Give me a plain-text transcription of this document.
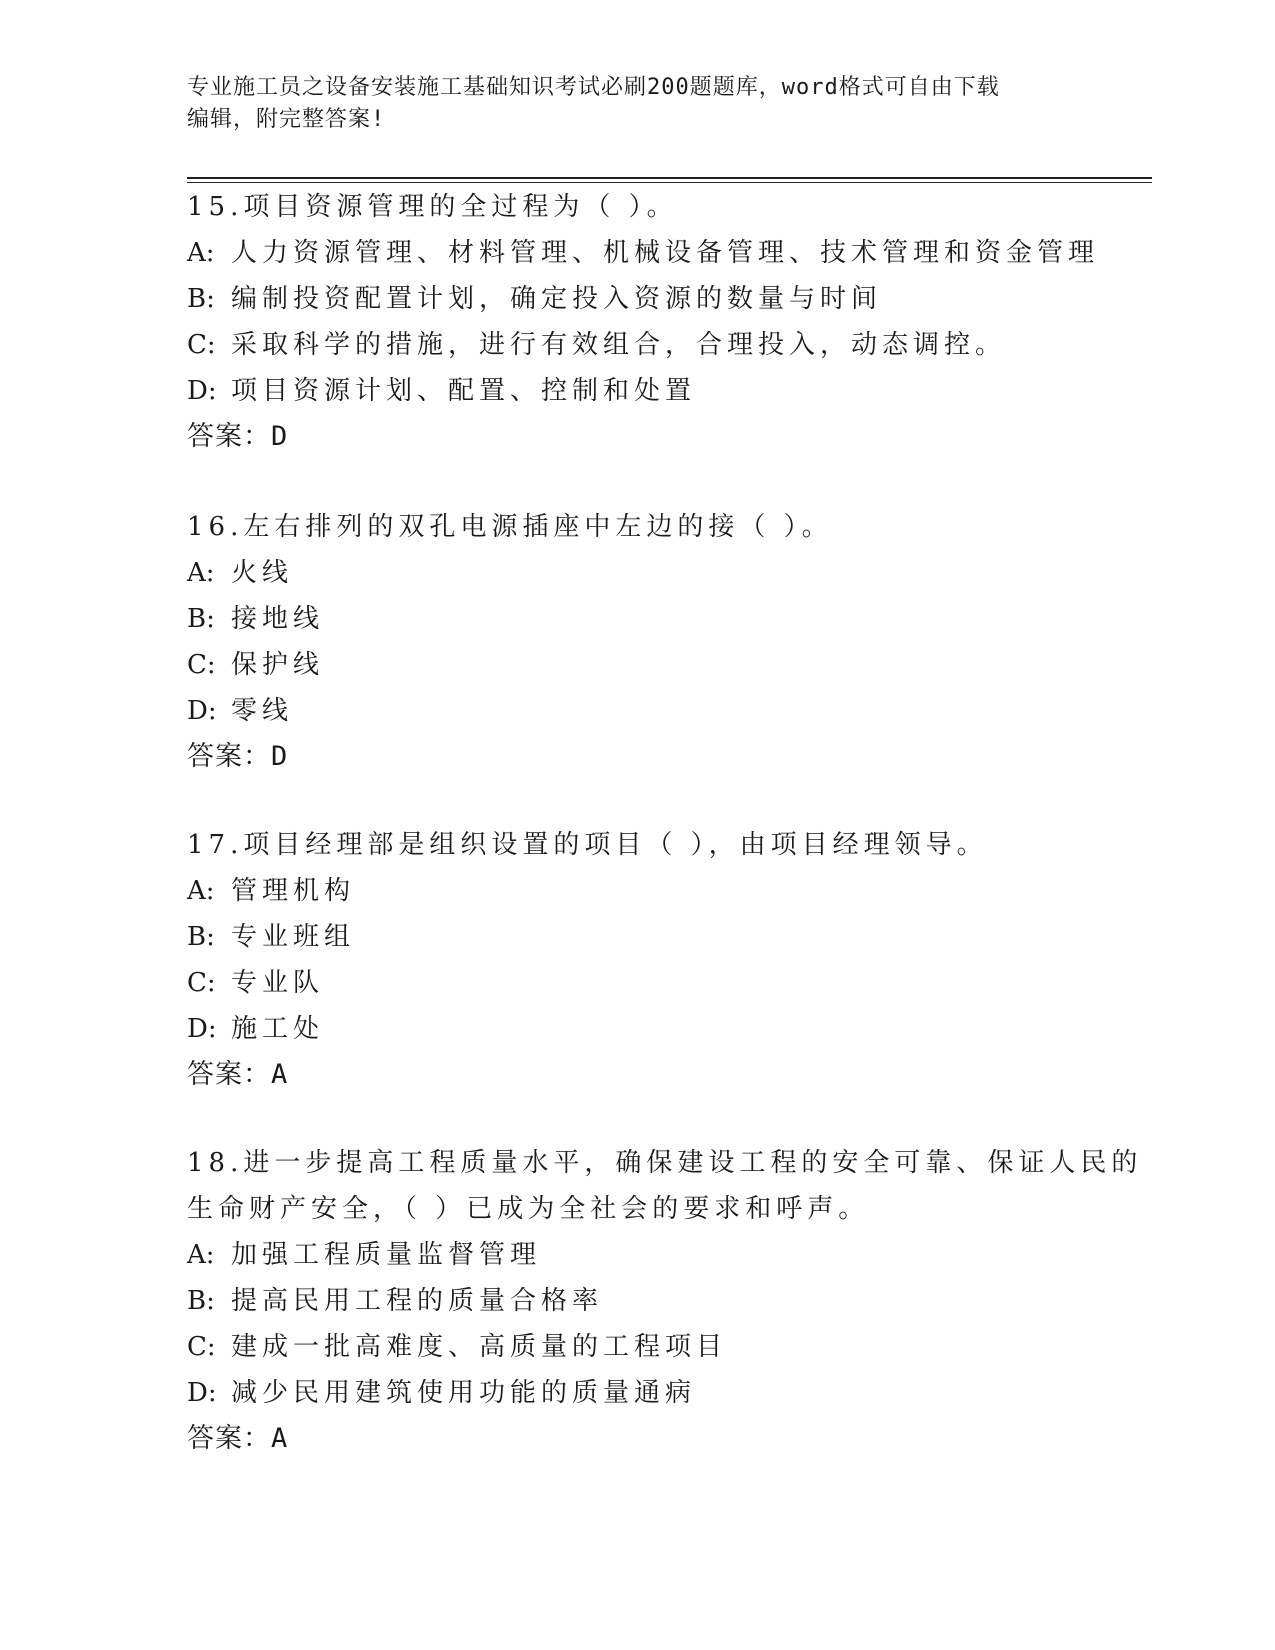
专业施工员之设备安装施工基础知识考试必刷200题题库，word格式可自由下载
编辑，附完整答案!
15.项目资源管理的全过程为（ ）。
A: 人力资源管理、材料管理、机械设备管理、技术管理和资金管理
B: 编制投资配置计划，确定投入资源的数量与时间
C: 采取科学的措施，进行有效组合，合理投入，动态调控。
D: 项目资源计划、配置、控制和处置
答案：D
16.左右排列的双孔电源插座中左边的接（ ）。
A: 火线
B: 接地线
C: 保护线
D: 零线
答案：D
17.项目经理部是组织设置的项目（ ），由项目经理领导。
A: 管理机构
B: 专业班组
C: 专业队
D: 施工处
答案：A
18.进一步提高工程质量水平，确保建设工程的安全可靠、保证人民的
生命财产安全，（ ）已成为全社会的要求和呼声。
A: 加强工程质量监督管理
B: 提高民用工程的质量合格率
C: 建成一批高难度、高质量的工程项目
D: 减少民用建筑使用功能的质量通病
答案：A
